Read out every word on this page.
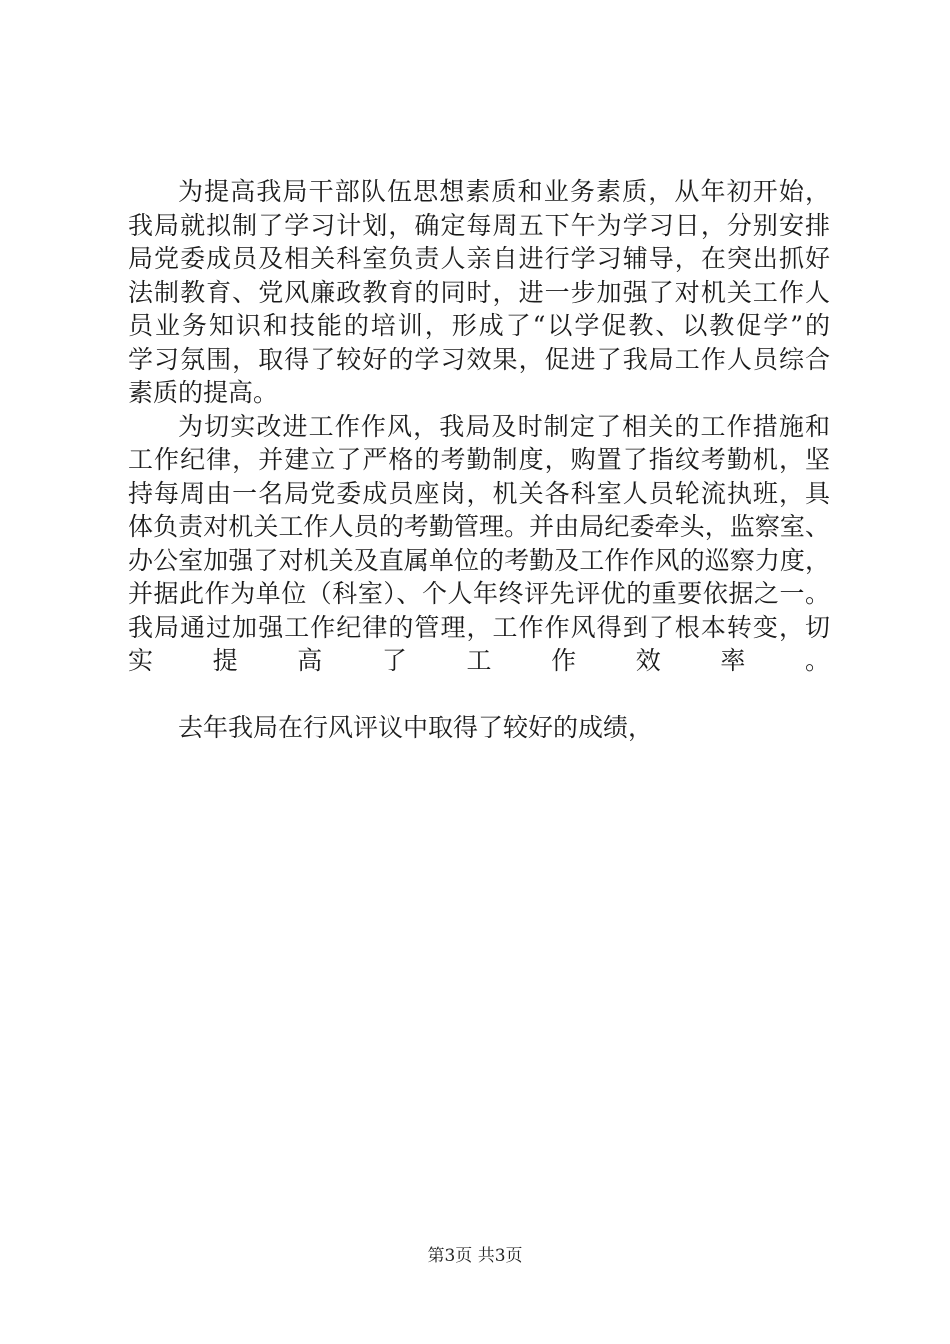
为提高我局干部队伍思想素质和业务素质，从年初开始，
我局就拟制了学习计划，确定每周五下午为学习日，分别安排
局党委成员及相关科室负责人亲自进行学习辅导，在突出抓好
法制教育、党风廉政教育的同时，进一步加强了对机关工作人
员业务知识和技能的培训，形成了“以学促教、以教促学”的
学习氛围，取得了较好的学习效果，促进了我局工作人员综合
素质的提高。
为切实改进工作作风，我局及时制定了相关的工作措施和
工作纪律，并建立了严格的考勤制度，购置了指纹考勤机，坚
持每周由一名局党委成员座岗，机关各科室人员轮流执班，具
体负责对机关工作人员的考勤管理。并由局纪委牵头，监察室、
办公室加强了对机关及直属单位的考勤及工作作风的巡察力度，
并据此作为单位（科室）、个人年终评先评优的重要依据之一。
我局通过加强工作纪律的管理，工作作风得到了根本转变，切
实提高了工作效率。
去年我局在行风评议中取得了较好的成绩，
第3页 共3页
